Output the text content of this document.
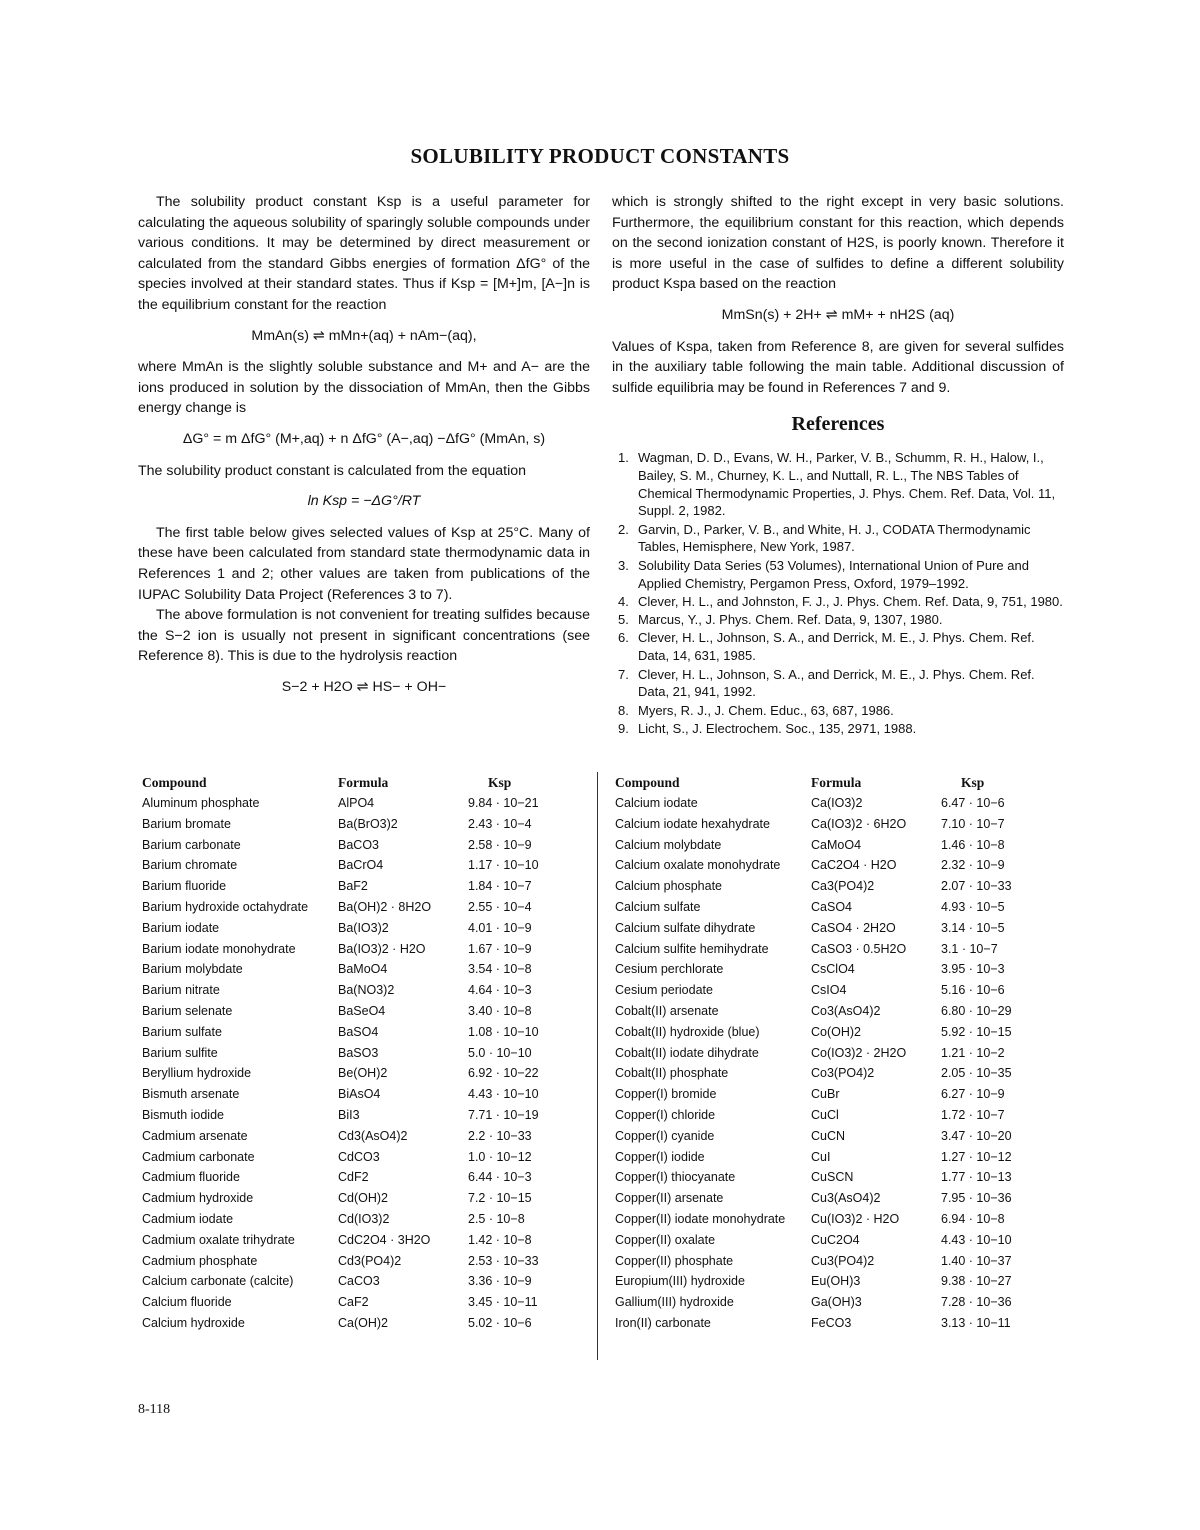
SOLUBILITY PRODUCT CONSTANTS

The solubility product constant Ksp is a useful parameter for calculating the aqueous solubility of sparingly soluble compounds under various conditions. It may be determined by direct measurement or calculated from the standard Gibbs energies of formation ΔfG° of the species involved at their standard states. Thus if Ksp = [M+]m, [A−]n is the equilibrium constant for the reaction

MmAn(s) ⇌ mMn+(aq) + nAm−(aq),

where MmAn is the slightly soluble substance and M+ and A− are the ions produced in solution by the dissociation of MmAn, then the Gibbs energy change is

ΔG° = m ΔfG° (M+,aq) + n ΔfG° (A−,aq) −ΔfG° (MmAn, s)

The solubility product constant is calculated from the equation

ln Ksp = −ΔG°/RT

The first table below gives selected values of Ksp at 25°C. Many of these have been calculated from standard state thermodynamic data in References 1 and 2; other values are taken from publications of the IUPAC Solubility Data Project (References 3 to 7).

The above formulation is not convenient for treating sulfides because the S−2 ion is usually not present in significant concentrations (see Reference 8). This is due to the hydrolysis reaction

S−2 + H2O ⇌ HS− + OH−

which is strongly shifted to the right except in very basic solutions. Furthermore, the equilibrium constant for this reaction, which depends on the second ionization constant of H2S, is poorly known. Therefore it is more useful in the case of sulfides to define a different solubility product Kspa based on the reaction

MmSn(s) + 2H+ ⇌ mM+ + nH2S (aq)

Values of Kspa, taken from Reference 8, are given for several sulfides in the auxiliary table following the main table. Additional discussion of sulfide equilibria may be found in References 7 and 9.

References
1. Wagman, D. D., Evans, W. H., Parker, V. B., Schumm, R. H., Halow, I., Bailey, S. M., Churney, K. L., and Nuttall, R. L., The NBS Tables of Chemical Thermodynamic Properties, J. Phys. Chem. Ref. Data, Vol. 11, Suppl. 2, 1982.
2. Garvin, D., Parker, V. B., and White, H. J., CODATA Thermodynamic Tables, Hemisphere, New York, 1987.
3. Solubility Data Series (53 Volumes), International Union of Pure and Applied Chemistry, Pergamon Press, Oxford, 1979–1992.
4. Clever, H. L., and Johnston, F. J., J. Phys. Chem. Ref. Data, 9, 751, 1980.
5. Marcus, Y., J. Phys. Chem. Ref. Data, 9, 1307, 1980.
6. Clever, H. L., Johnson, S. A., and Derrick, M. E., J. Phys. Chem. Ref. Data, 14, 631, 1985.
7. Clever, H. L., Johnson, S. A., and Derrick, M. E., J. Phys. Chem. Ref. Data, 21, 941, 1992.
8. Myers, R. J., J. Chem. Educ., 63, 687, 1986.
9. Licht, S., J. Electrochem. Soc., 135, 2971, 1988.
Compound	Formula	Ksp
Aluminum phosphate	AlPO4	9.84 · 10−21
Barium bromate	Ba(BrO3)2	2.43 · 10−4
Barium carbonate	BaCO3	2.58 · 10−9
Barium chromate	BaCrO4	1.17 · 10−10
Barium fluoride	BaF2	1.84 · 10−7
Barium hydroxide octahydrate	Ba(OH)2 · 8H2O	2.55 · 10−4
Barium iodate	Ba(IO3)2	4.01 · 10−9
Barium iodate monohydrate	Ba(IO3)2 · H2O	1.67 · 10−9
Barium molybdate	BaMoO4	3.54 · 10−8
Barium nitrate	Ba(NO3)2	4.64 · 10−3
Barium selenate	BaSeO4	3.40 · 10−8
Barium sulfate	BaSO4	1.08 · 10−10
Barium sulfite	BaSO3	5.0 · 10−10
Beryllium hydroxide	Be(OH)2	6.92 · 10−22
Bismuth arsenate	BiAsO4	4.43 · 10−10
Bismuth iodide	BiI3	7.71 · 10−19
Cadmium arsenate	Cd3(AsO4)2	2.2 · 10−33
Cadmium carbonate	CdCO3	1.0 · 10−12
Cadmium fluoride	CdF2	6.44 · 10−3
Cadmium hydroxide	Cd(OH)2	7.2 · 10−15
Cadmium iodate	Cd(IO3)2	2.5 · 10−8
Cadmium oxalate trihydrate	CdC2O4 · 3H2O	1.42 · 10−8
Cadmium phosphate	Cd3(PO4)2	2.53 · 10−33
Calcium carbonate (calcite)	CaCO3	3.36 · 10−9
Calcium fluoride	CaF2	3.45 · 10−11
Calcium hydroxide	Ca(OH)2	5.02 · 10−6
Compound	Formula	Ksp
Calcium iodate	Ca(IO3)2	6.47 · 10−6
Calcium iodate hexahydrate	Ca(IO3)2 · 6H2O	7.10 · 10−7
Calcium molybdate	CaMoO4	1.46 · 10−8
Calcium oxalate monohydrate	CaC2O4 · H2O	2.32 · 10−9
Calcium phosphate	Ca3(PO4)2	2.07 · 10−33
Calcium sulfate	CaSO4	4.93 · 10−5
Calcium sulfate dihydrate	CaSO4 · 2H2O	3.14 · 10−5
Calcium sulfite hemihydrate	CaSO3 · 0.5H2O	3.1 · 10−7
Cesium perchlorate	CsClO4	3.95 · 10−3
Cesium periodate	CsIO4	5.16 · 10−6
Cobalt(II) arsenate	Co3(AsO4)2	6.80 · 10−29
Cobalt(II) hydroxide (blue)	Co(OH)2	5.92 · 10−15
Cobalt(II) iodate dihydrate	Co(IO3)2 · 2H2O	1.21 · 10−2
Cobalt(II) phosphate	Co3(PO4)2	2.05 · 10−35
Copper(I) bromide	CuBr	6.27 · 10−9
Copper(I) chloride	CuCl	1.72 · 10−7
Copper(I) cyanide	CuCN	3.47 · 10−20
Copper(I) iodide	CuI	1.27 · 10−12
Copper(I) thiocyanate	CuSCN	1.77 · 10−13
Copper(II) arsenate	Cu3(AsO4)2	7.95 · 10−36
Copper(II) iodate monohydrate	Cu(IO3)2 · H2O	6.94 · 10−8
Copper(II) oxalate	CuC2O4	4.43 · 10−10
Copper(II) phosphate	Cu3(PO4)2	1.40 · 10−37
Europium(III) hydroxide	Eu(OH)3	9.38 · 10−27
Gallium(III) hydroxide	Ga(OH)3	7.28 · 10−36
Iron(II) carbonate	FeCO3	3.13 · 10−11

8-118
